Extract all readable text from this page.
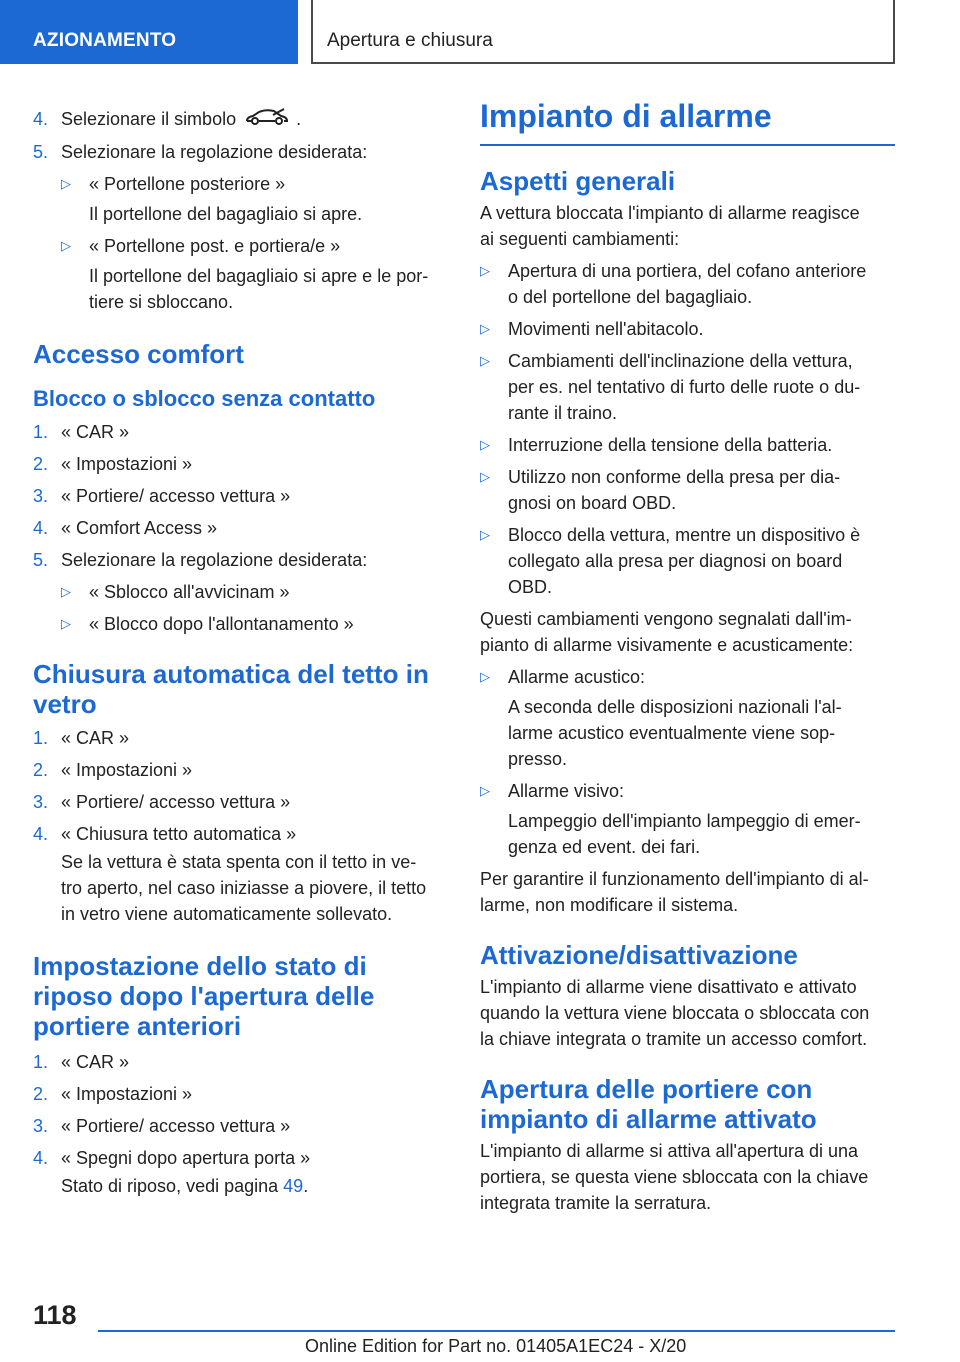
AZIONAMENTO	Apertura e chiusura
4. Selezionare il simbolo	.
5. Selezionare la regolazione desiderata:
▷ « Portellone posteriore »
Il portellone del bagagliaio si apre.
▷ « Portellone post. e portiera/e »
Il portellone del bagagliaio si apre e le por-
tiere si sbloccano.
Accesso comfort
Blocco o sblocco senza contatto
1. « CAR »
2. « Impostazioni »
3. « Portiere/ accesso vettura »
4. « Comfort Access »
5. Selezionare la regolazione desiderata:
▷ « Sblocco all'avvicinam »
▷ « Blocco dopo l'allontanamento »
Chiusura automatica del tetto in
vetro
1. « CAR »
2. « Impostazioni »
3. « Portiere/ accesso vettura »
4. « Chiusura tetto automatica »
Se la vettura è stata spenta con il tetto in ve-
tro aperto, nel caso iniziasse a piovere, il tetto
in vetro viene automaticamente sollevato.
Impostazione dello stato di
riposo dopo l'apertura delle
portiere anteriori
1. « CAR »
2. « Impostazioni »
3. « Portiere/ accesso vettura »
4. « Spegni dopo apertura porta »
Stato di riposo, vedi pagina 49.
Impianto di allarme
Aspetti generali
A vettura bloccata l'impianto di allarme reagisce
ai seguenti cambiamenti:
▷ Apertura di una portiera, del cofano anteriore
o del portellone del bagagliaio.
▷ Movimenti nell'abitacolo.
▷ Cambiamenti dell'inclinazione della vettura,
per es. nel tentativo di furto delle ruote o du-
rante il traino.
▷ Interruzione della tensione della batteria.
▷ Utilizzo non conforme della presa per dia-
gnosi on board OBD.
▷ Blocco della vettura, mentre un dispositivo è
collegato alla presa per diagnosi on board
OBD.
Questi cambiamenti vengono segnalati dall'im-
pianto di allarme visivamente e acusticamente:
▷ Allarme acustico:
A seconda delle disposizioni nazionali l'al-
larme acustico eventualmente viene sop-
presso.
▷ Allarme visivo:
Lampeggio dell'impianto lampeggio di emer-
genza ed event. dei fari.
Per garantire il funzionamento dell'impianto di al-
larme, non modificare il sistema.
Attivazione/disattivazione
L'impianto di allarme viene disattivato e attivato
quando la vettura viene bloccata o sbloccata con
la chiave integrata o tramite un accesso comfort.
Apertura delle portiere con
impianto di allarme attivato
L'impianto di allarme si attiva all'apertura di una
portiera, se questa viene sbloccata con la chiave
integrata tramite la serratura.
118
Online Edition for Part no. 01405A1EC24 - X/20
